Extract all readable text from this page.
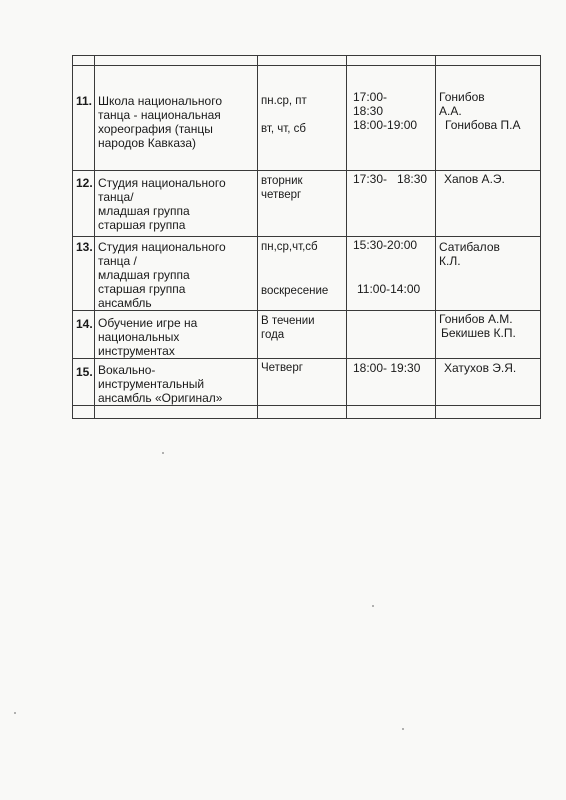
11.	Школа национального
танца - национальная
хореография (танцы
народов Кавказа)	пн.ср, пт
вт, чт, сб	17:00-
18:30
18:00-19:00	Гонибов
А.А.
Гонибова П.А

12.	Студия национального
танца/
младшая группа
старшая группа	вторник
четверг	17:30-   18:30	Хапов А.Э.

13.	Студия национального
танца /
младшая группа
старшая группа
ансамбль	пн,ср,чт,сб
воскресение	15:30-20:00
11:00-14:00	Сатибалов
К.Л.

14.	Обучение игре на
национальных
инструментах	В течении
года		Гонибов А.М.
Бекишев К.П.

15.	Вокально-
инструментальный
ансамбль «Оригинал»	Четверг	18:00- 19:30	Хатухов Э.Я.
